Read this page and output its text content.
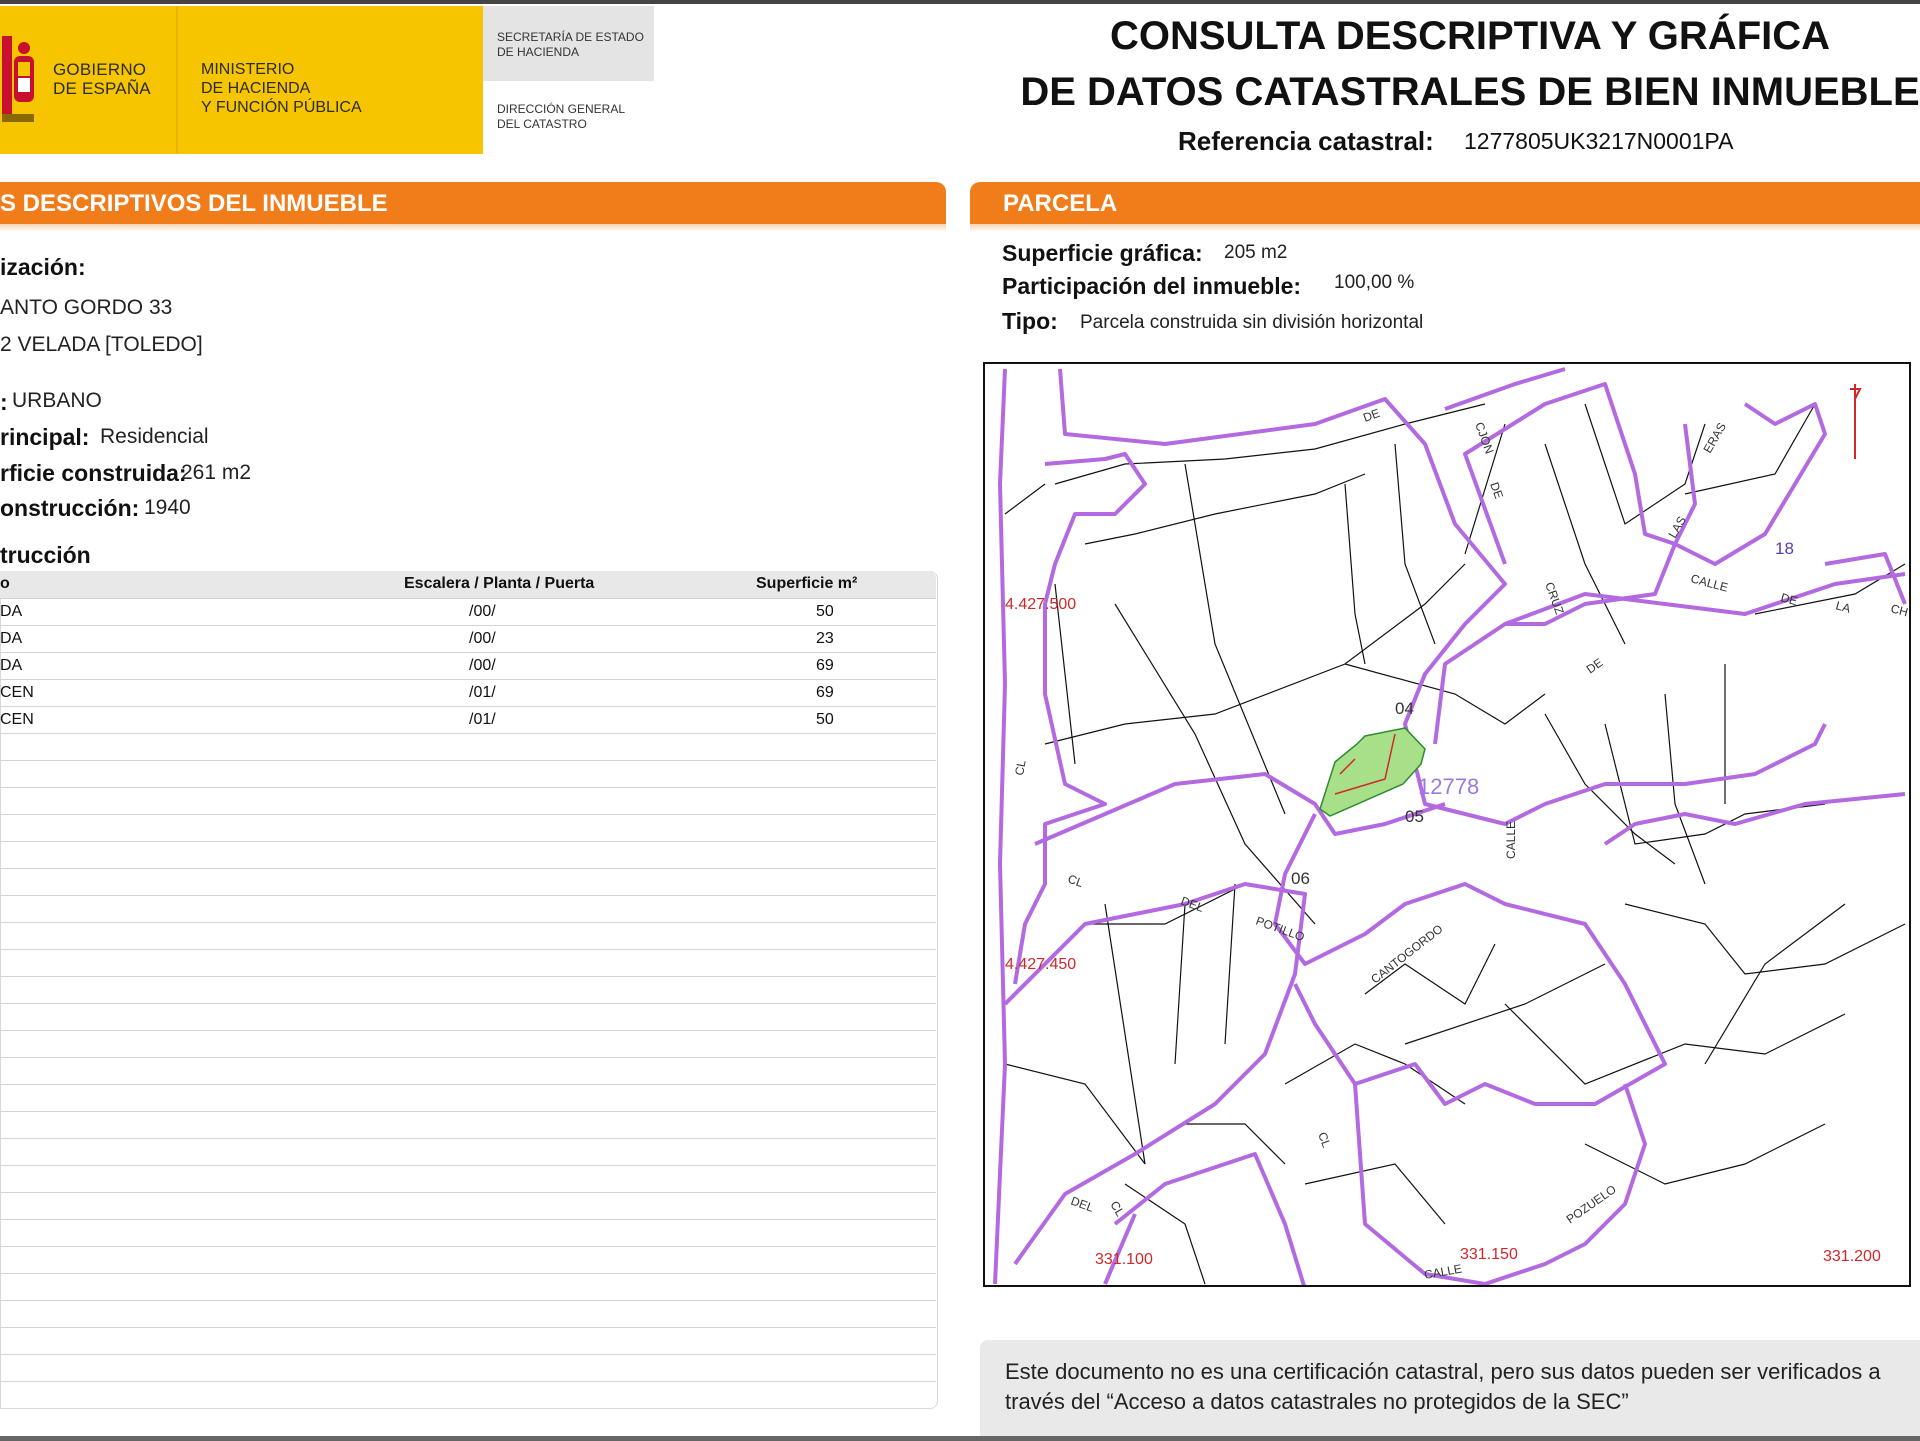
GOBIERNO
DE ESPAÑA
MINISTERIO
DE HACIENDA
Y FUNCIÓN PÚBLICA
SECRETARÍA DE ESTADO
DE HACIENDA
DIRECCIÓN GENERAL
DEL CATASTRO
CONSULTA DESCRIPTIVA Y GRÁFICA
DE DATOS CATASTRALES DE BIEN INMUEBLE
Referencia catastral: 1277805UK3217N0001PA
S DESCRIPTIVOS DEL INMUEBLE	PARCELA
ización:
ANTO GORDO 33
2 VELADA [TOLEDO]
: URBANO
rincipal: Residencial
rficie construida:
261 m2
onstrucción: 1940
trucción
o	Escalera / Planta / Puerta	Superficie m²
DA	/00/	50
DA	/00/	23
DA	/00/	69
CEN	/01/	69
CEN	/01/	50
Superficie gráfica: 205 m2
Participación del inmueble: 100,00 %
Tipo: Parcela construida sin división horizontal
04
05
06
18
12778
DE
CJON
DE
CRUZ
ERAS
LAS
CALLE
DE	LA	CH
DE
CL
DEL
POTILLO	CANTOGORDO
CALLE
DEL CL
CL
POZUELO
CALLE
CL
4.427.500
4.427.450
331.100	331.150	331.200
Este documento no es una certificación catastral, pero sus datos pueden ser verificados a
través del “Acceso a datos catastrales no protegidos de la SEC”
